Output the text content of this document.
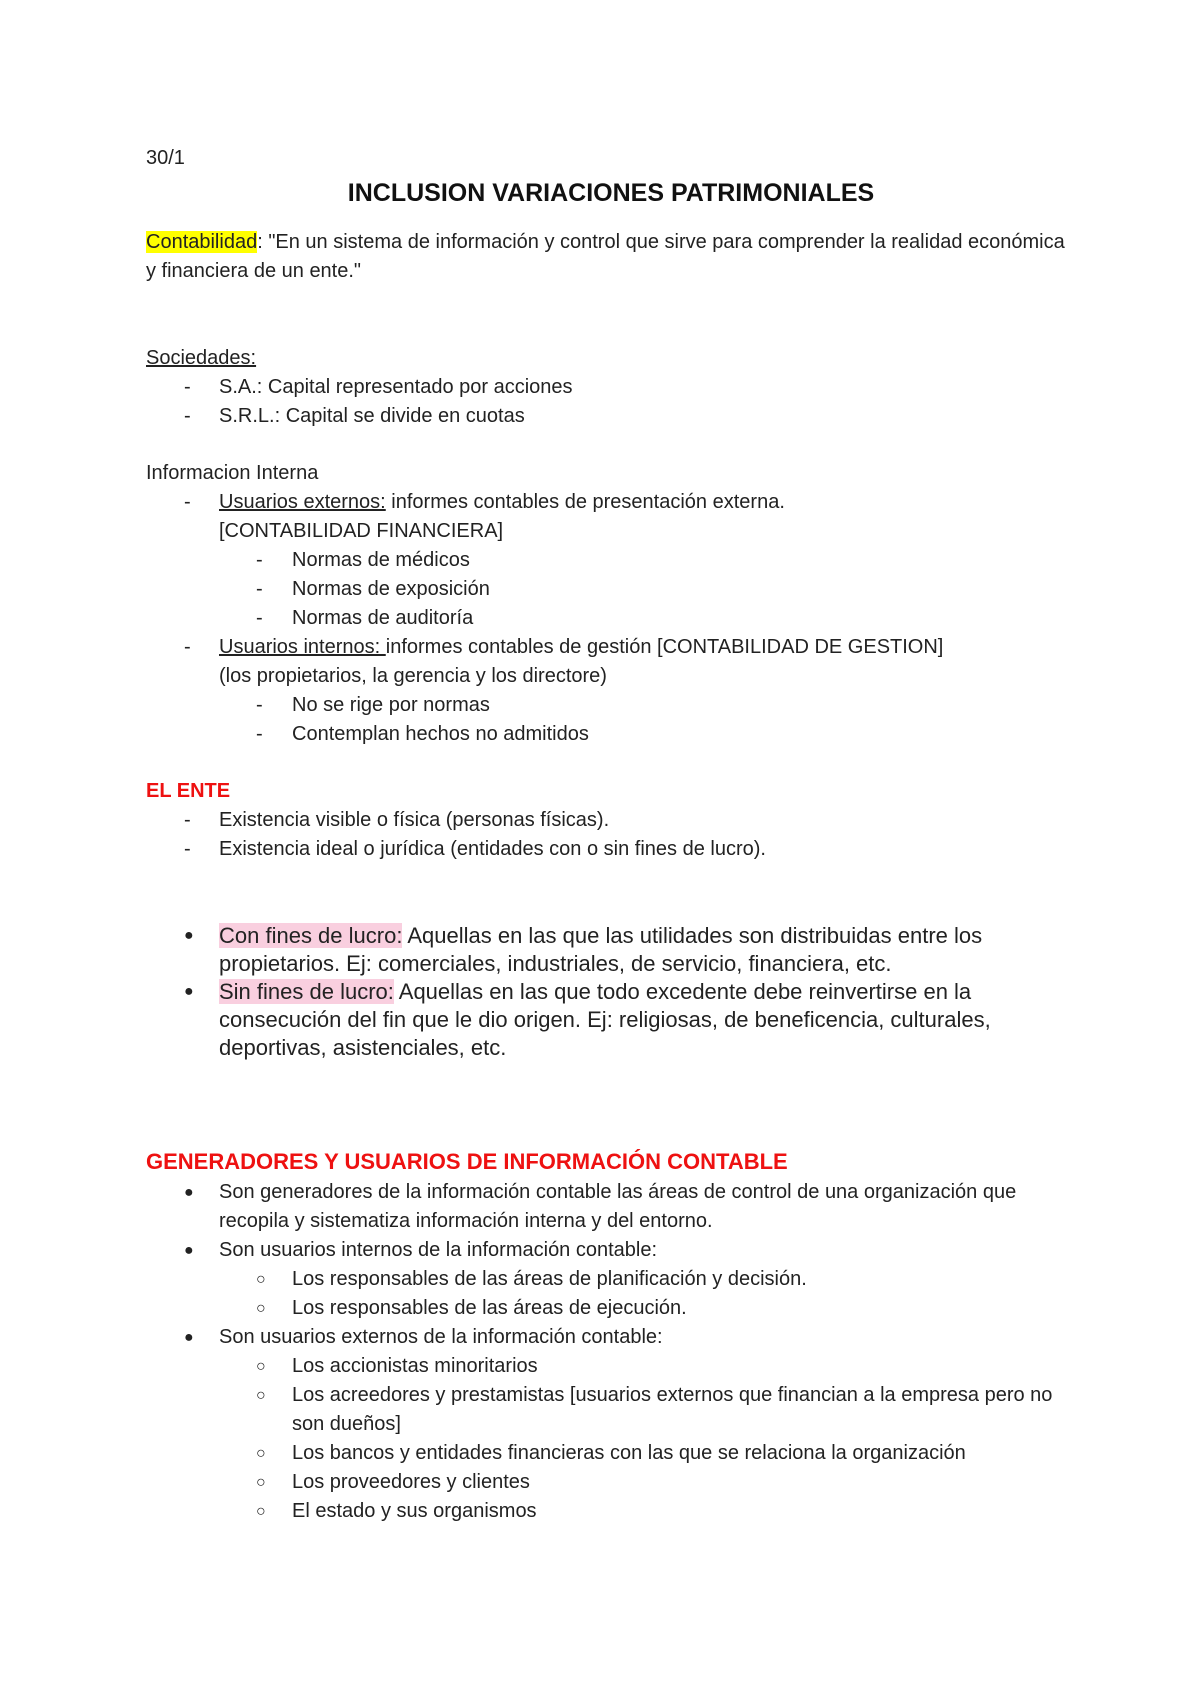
30/1
INCLUSION VARIACIONES PATRIMONIALES

Contabilidad: "En un sistema de información y control que sirve para comprender la realidad económica y financiera de un ente."

Sociedades:
- S.A.: Capital representado por acciones
- S.R.L.: Capital se divide en cuotas
Informacion Interna
- Usuarios externos: informes contables de presentación externa.
[CONTABILIDAD FINANCIERA]
- Normas de médicos
- Normas de exposición
- Normas de auditoría
- Usuarios internos: informes contables de gestión [CONTABILIDAD DE GESTION]
(los propietarios, la gerencia y los directore)
- No se rige por normas
- Contemplan hechos no admitidos
EL ENTE
- Existencia visible o física (personas físicas).
- Existencia ideal o jurídica (entidades con o sin fines de lucro).
● Con fines de lucro: Aquellas en las que las utilidades son distribuidas entre los propietarios. Ej: comerciales, industriales, de servicio, financiera, etc.
● Sin fines de lucro: Aquellas en las que todo excedente debe reinvertirse en la consecución del fin que le dio origen. Ej: religiosas, de beneficencia, culturales, deportivas, asistenciales, etc.
GENERADORES Y USUARIOS DE INFORMACIÓN CONTABLE
● Son generadores de la información contable las áreas de control de una organización que recopila y sistematiza información interna y del entorno.
● Son usuarios internos de la información contable:
○ Los responsables de las áreas de planificación y decisión.
○ Los responsables de las áreas de ejecución.
● Son usuarios externos de la información contable:
○ Los accionistas minoritarios
○ Los acreedores y prestamistas [usuarios externos que financian a la empresa pero no son dueños]
○ Los bancos y entidades financieras con las que se relaciona la organización
○ Los proveedores y clientes
○ El estado y sus organismos
